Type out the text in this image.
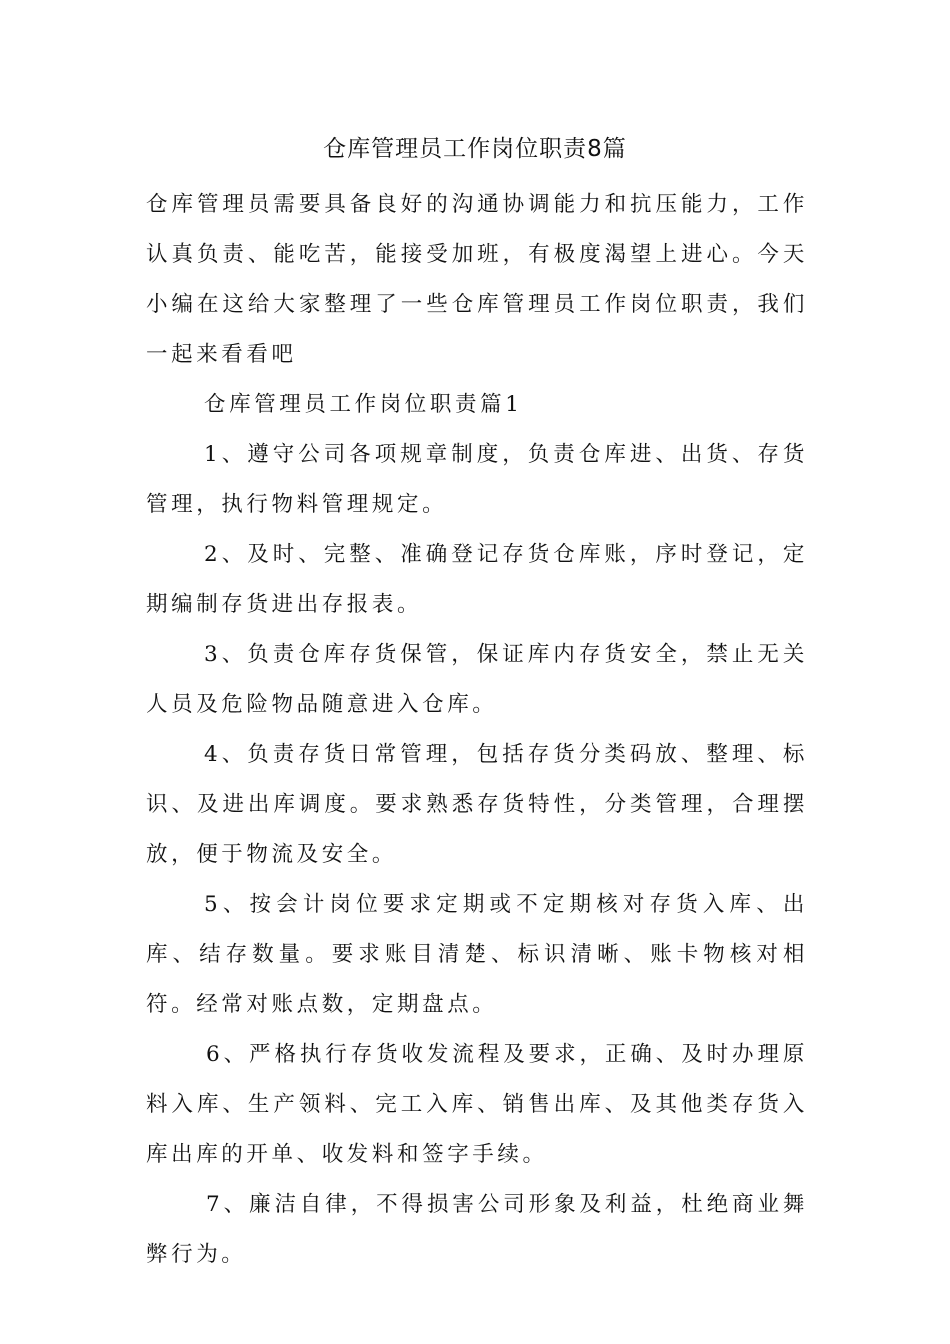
仓库管理员工作岗位职责8篇

仓库管理员需要具备良好的沟通协调能力和抗压能力，工作认真负责、能吃苦，能接受加班，有极度渴望上进心。今天小编在这给大家整理了一些仓库管理员工作岗位职责，我们一起来看看吧

仓库管理员工作岗位职责篇1

1、遵守公司各项规章制度，负责仓库进、出货、存货管理，执行物料管理规定。

2、及时、完整、准确登记存货仓库账，序时登记，定期编制存货进出存报表。

3、负责仓库存货保管，保证库内存货安全，禁止无关人员及危险物品随意进入仓库。

4、负责存货日常管理，包括存货分类码放、整理、标识、及进出库调度。要求熟悉存货特性，分类管理，合理摆放，便于物流及安全。

5、按会计岗位要求定期或不定期核对存货入库、出库、结存数量。要求账目清楚、标识清晰、账卡物核对相符。经常对账点数，定期盘点。

6、严格执行存货收发流程及要求，正确、及时办理原料入库、生产领料、完工入库、销售出库、及其他类存货入库出库的开单、收发料和签字手续。

7、廉洁自律，不得损害公司形象及利益，杜绝商业舞弊行为。
